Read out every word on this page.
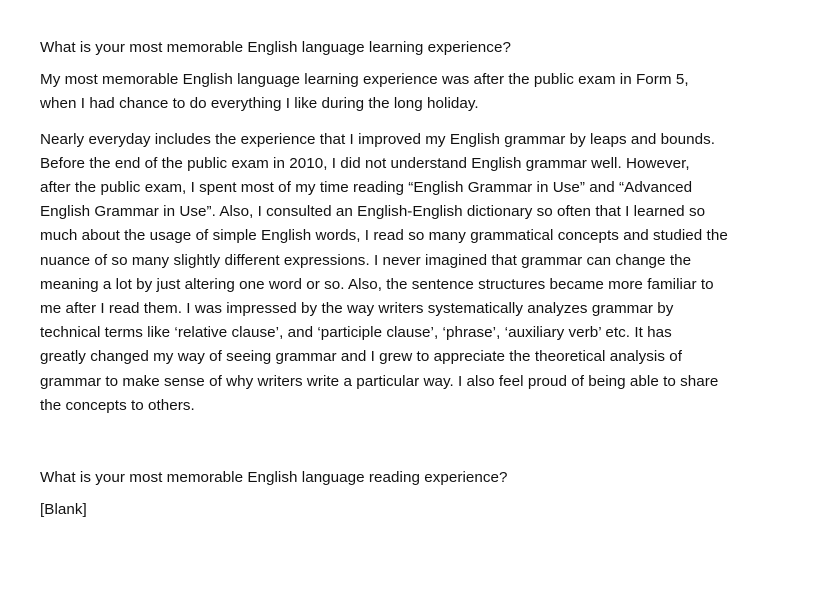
What is your most memorable English language learning experience?

My most memorable English language learning experience was after the public exam in Form 5,
when I had chance to do everything I like during the long holiday.

Nearly everyday includes the experience that I improved my English grammar by leaps and bounds.
Before the end of the public exam in 2010, I did not understand English grammar well. However,
after the public exam, I spent most of my time reading “English Grammar in Use” and “Advanced
English Grammar in Use”. Also, I consulted an English-English dictionary so often that I learned so
much about the usage of simple English words, I read so many grammatical concepts and studied the
nuance of so many slightly different expressions. I never imagined that grammar can change the
meaning a lot by just altering one word or so. Also, the sentence structures became more familiar to
me after I read them. I was impressed by the way writers systematically analyzes grammar by
technical terms like ‘relative clause’, and ‘participle clause’, ‘phrase’, ‘auxiliary verb’ etc. It has
greatly changed my way of seeing grammar and I grew to appreciate the theoretical analysis of
grammar to make sense of why writers write a particular way. I also feel proud of being able to share
the concepts to others.

What is your most memorable English language reading experience?

[Blank]
